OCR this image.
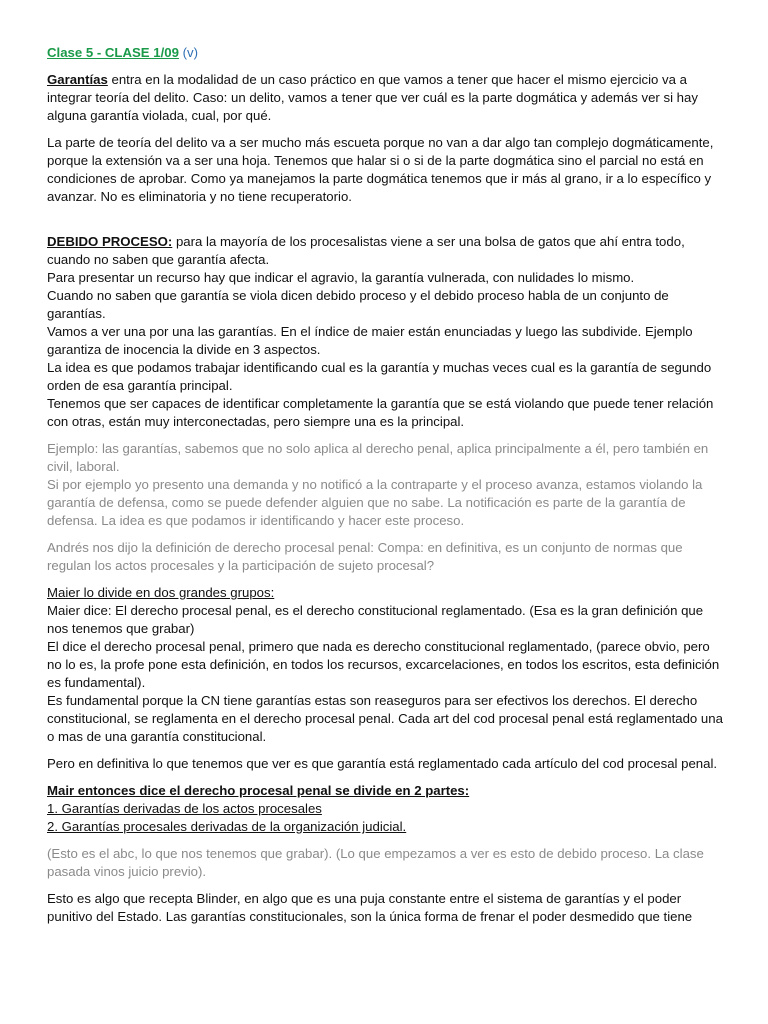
Clase 5 - CLASE 1/09 (v)

Garantías entra en la modalidad de un caso práctico en que vamos a tener que hacer el mismo ejercicio va a integrar teoría del delito. Caso: un delito, vamos a tener que ver cuál es la parte dogmática y además ver si hay alguna garantía violada, cual, por qué.

La parte de teoría del delito va a ser mucho más escueta porque no van a dar algo tan complejo dogmáticamente, porque la extensión va a ser una hoja. Tenemos que halar si o si de la parte dogmática sino el parcial no está en condiciones de aprobar. Como ya manejamos la parte dogmática tenemos que ir más al grano, ir a lo específico y avanzar. No es eliminatoria y no tiene recuperatorio.

DEBIDO PROCESO: para la mayoría de los procesalistas viene a ser una bolsa de gatos que ahí entra todo, cuando no saben que garantía afecta.

Para presentar un recurso hay que indicar el agravio, la garantía vulnerada, con nulidades lo mismo.

Cuando no saben que garantía se viola dicen debido proceso y el debido proceso habla de un conjunto de garantías.

Vamos a ver una por una las garantías. En el índice de maier están enunciadas y luego las subdivide. Ejemplo garantiza de inocencia la divide en 3 aspectos.

La idea es que podamos trabajar identificando cual es la garantía y muchas veces cual es la garantía de segundo orden de esa garantía principal.

Tenemos que ser capaces de identificar completamente la garantía que se está violando que puede tener relación con otras, están muy interconectadas, pero siempre una es la principal.

Ejemplo: las garantías, sabemos que no solo aplica al derecho penal, aplica principalmente a él, pero también en civil, laboral.

Si por ejemplo yo presento una demanda y no notificó a la contraparte y el proceso avanza, estamos violando la garantía de defensa, como se puede defender alguien que no sabe. La notificación es parte de la garantía de defensa. La idea es que podamos ir identificando y hacer este proceso.

Andrés nos dijo la definición de derecho procesal penal: Compa: en definitiva, es un conjunto de normas que regulan los actos procesales y la participación de sujeto procesal?

Maier lo divide en dos grandes grupos:

Maier dice: El derecho procesal penal, es el derecho constitucional reglamentado. (Esa es la gran definición que nos tenemos que grabar)

El dice el derecho procesal penal, primero que nada es derecho constitucional reglamentado, (parece obvio, pero no lo es, la profe pone esta definición, en todos los recursos, excarcelaciones, en todos los escritos, esta definición es fundamental).

Es fundamental porque la CN tiene garantías estas son reaseguros para ser efectivos los derechos. El derecho constitucional, se reglamenta en el derecho procesal penal. Cada art del cod procesal penal está reglamentado una o mas de una garantía constitucional.

Pero en definitiva lo que tenemos que ver es que garantía está reglamentado cada artículo del cod procesal penal.

Mair entonces dice el derecho procesal penal se divide en 2 partes:

1. Garantías derivadas de los actos procesales

2. Garantías procesales derivadas de la organización judicial.

(Esto es el abc, lo que nos tenemos que grabar). (Lo que empezamos a ver es esto de debido proceso. La clase pasada vinos juicio previo).

Esto es algo que recepta Blinder, en algo que es una puja constante entre el sistema de garantías y el poder punitivo del Estado. Las garantías constitucionales, son la única forma de frenar el poder desmedido que tiene
